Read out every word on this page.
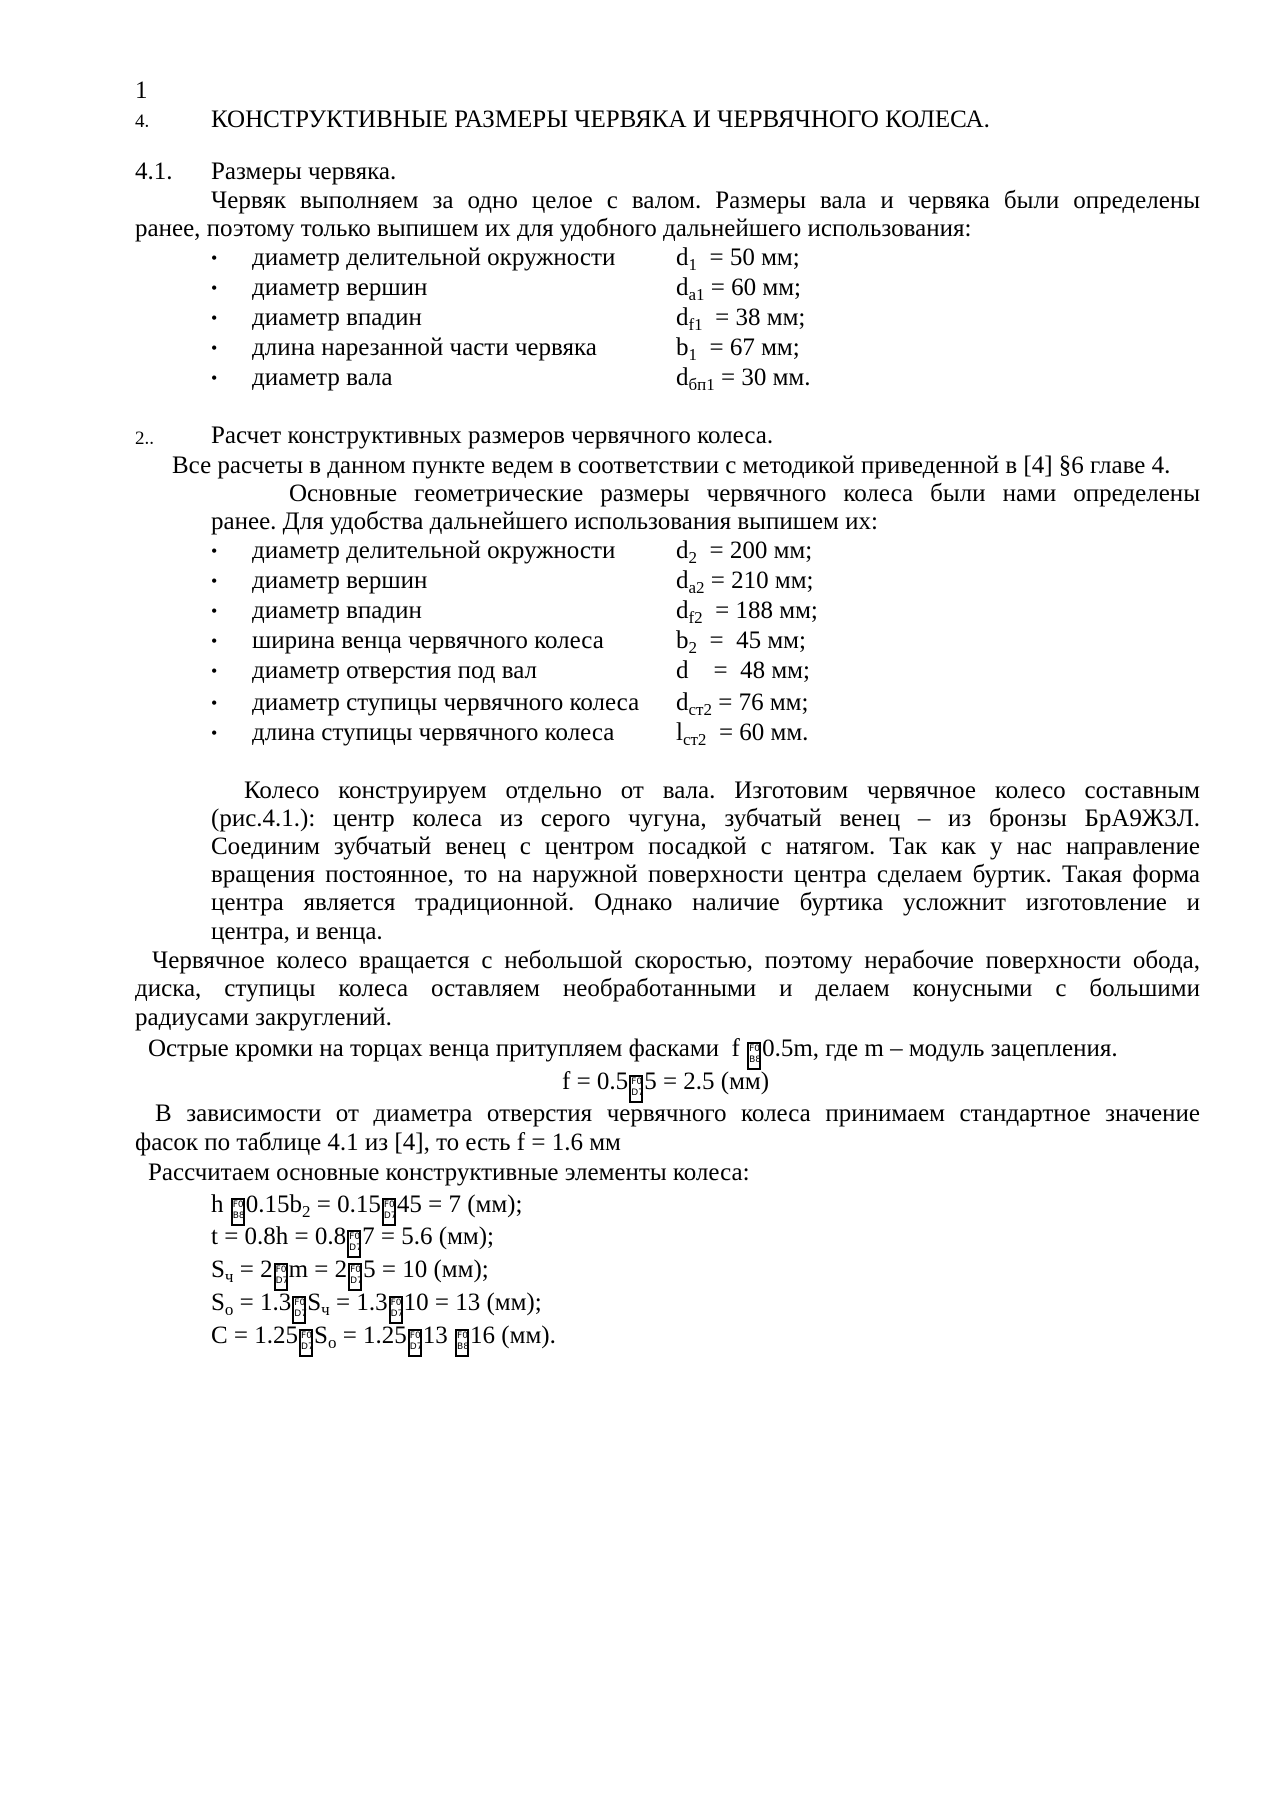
1
4. КОНСТРУКТИВНЫЕ РАЗМЕРЫ ЧЕРВЯКА И ЧЕРВЯЧНОГО КОЛЕСА.
4.1. Размеры червяка.
Червяк выполняем за одно целое с валом. Размеры вала и червяка были определены
ранее, поэтому только выпишем их для удобного дальнейшего использования:
• диаметр делительной окружности $d_1 = 50$ мм;
• диаметр вершин	$d_{a1} = 60$ мм;
• диаметр впадин	$d_{f1} = 38$ мм;
• длина нарезанной части червяка	$b_1 = 67$ мм;
• диаметр вала	$d_{бп1} = 30$ мм.
2.. Расчет конструктивных размеров червячного колеса.
Все расчеты в данном пункте ведем в соответствии с методикой приведенной в [4] §6 главе 4.
Основные геометрические размеры червячного колеса были нами определены
ранее. Для удобства дальнейшего использования выпишем их:
• диаметр делительной окружности $d_2 = 200$ мм;
• диаметр вершин	$d_{a2} = 210$ мм;
• диаметр впадин	$d_{f2} = 188$ мм;
• ширина венца червячного колеса	$b_2 = 45$ мм;
• диаметр отверстия под вал	d    =  48 мм;
• диаметр ступицы червячного колеса $d_{ст2} = 76$ мм;
• длина ступицы червячного колеса $l_{ст2} = 60$ мм.
Колесо конструируем отдельно от вала. Изготовим червячное колесо составным
(рис.4.1.): центр колеса из серого чугуна, зубчатый венец – из бронзы БрА9Ж3Л.
Соединим зубчатый венец с центром посадкой с натягом. Так как у нас направление
вращения постоянное, то на наружной поверхности центра сделаем буртик. Такая форма
центра является традиционной. Однако наличие буртика усложнит изготовление и
центра, и венца.
Червячное колесо вращается с небольшой скоростью, поэтому нерабочие поверхности обода,
диска, ступицы колеса оставляем необработанными и делаем конусными с большими
радиусами закруглений.
Острые кромки на торцах венца притупляем фасками  f F0
B8 0.5m, где m – модуль зацепления.
f = 0.5 F0
D7 5 = 2.5 (мм)
В зависимости от диаметра отверстия червячного колеса принимаем стандартное значение
фасок по таблице 4.1 из [4], то есть f = 1.6 мм
Рассчитаем основные конструктивные элементы колеса:
h F0
B8 $0.15b_2 = 0.15$ F0
D7 45 = 7 (мм);
t = 0.8h = 0.8 F0
D7 7 = 5.6 (мм);
$S_ч = 2$ F0
D7 m = 2 F0
D7 5 = 10 (мм);
$S_o = 1.3$ F0
D7 $S_ч = 1.3$ F0
D7 10 = 13 (мм);
C = 1.25 F0
D7 $S_o = 1.25$ F0
D7 13 F0
B8 16 (мм).
